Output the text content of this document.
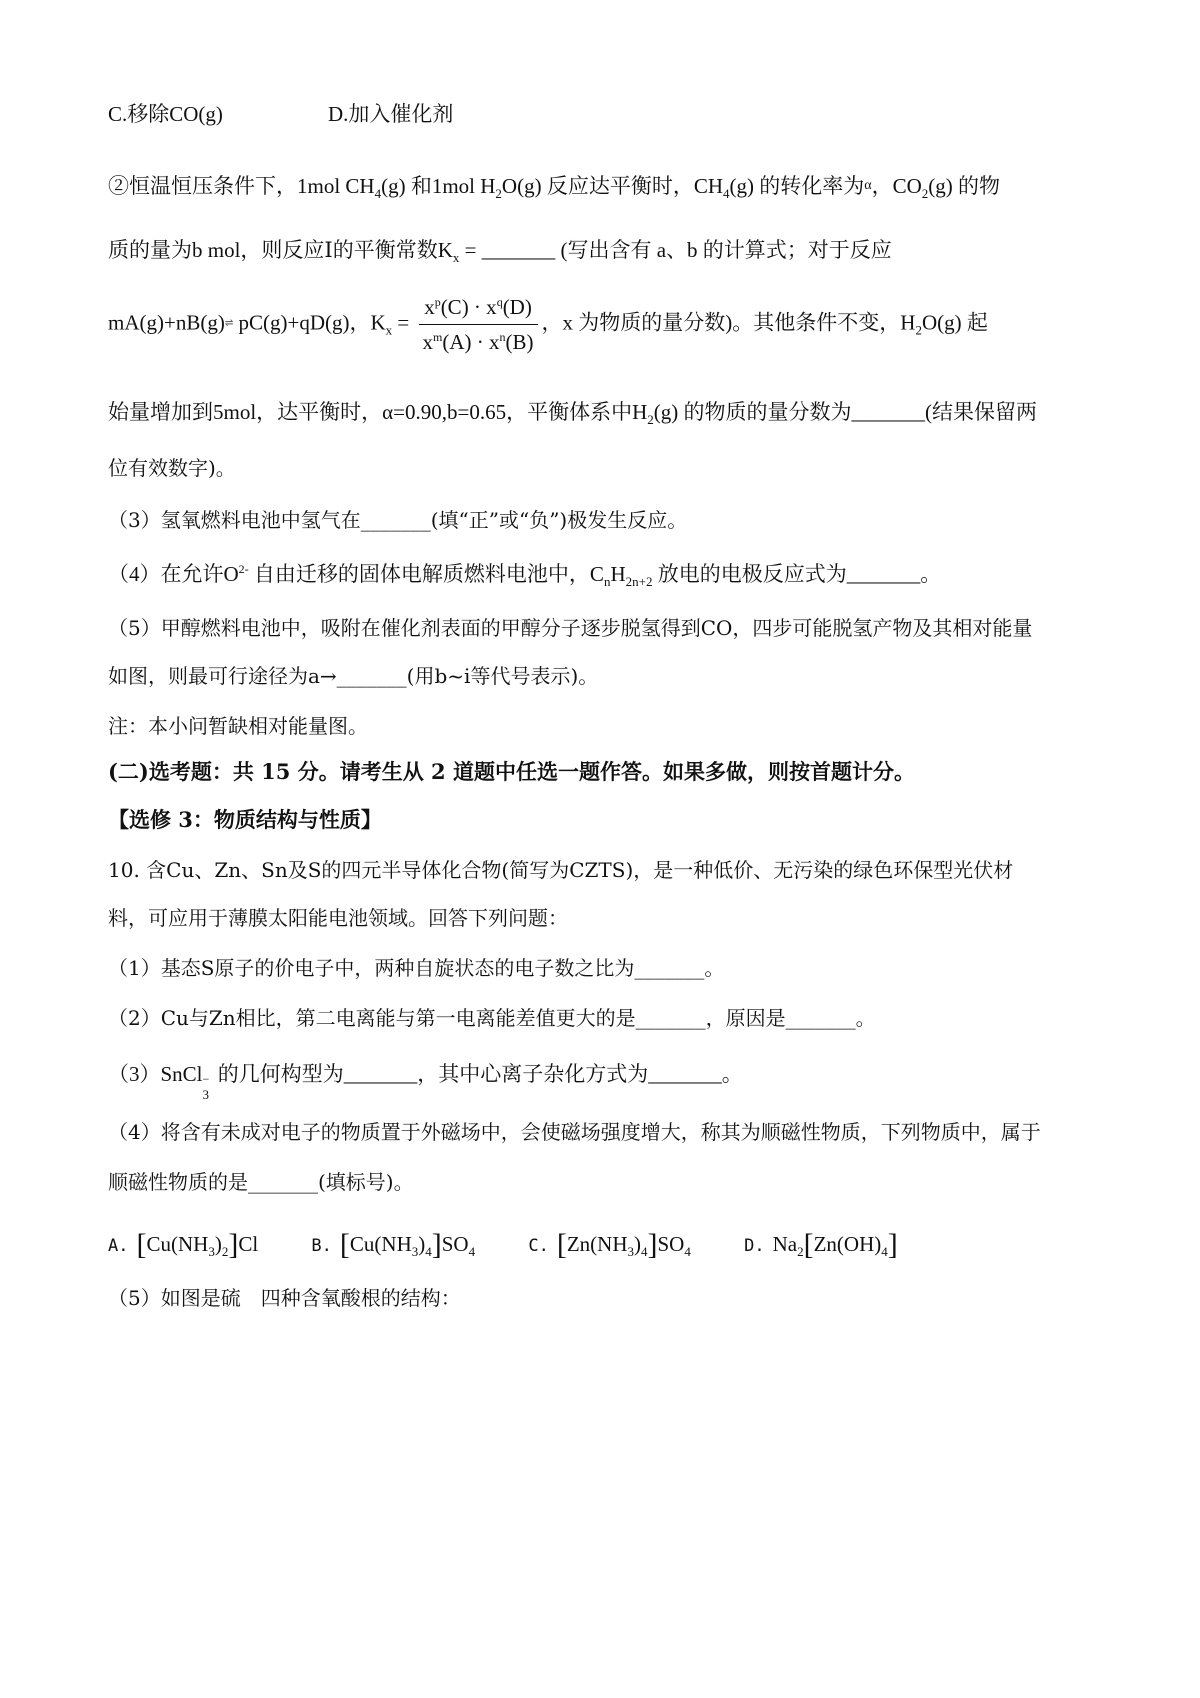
C.移除CO(g)	D.加入催化剂
②恒温恒压条件下，1mol $CH_4(g)$ 和1mol $H_2O(g)$ 反应达平衡时，$CH_4(g)$ 的转化率为α，$CO_2(g)$ 的物
质的量为b mol，则反应Ⅰ的平衡常数$K_x$ = _______ (写出含有 a、b 的计算式；对于反应
mA(g)+nB(g)⇌ pC(g)+qD(g)，$K_x = \frac{x^p(C) \cdot x^q(D)}{x^m(A) \cdot x^n(B)}$ ，x 为物质的量分数)。其他条件不变，$H_2O(g)$ 起
始量增加到5mol，达平衡时，α=0.90,b=0.65，平衡体系中$H_2(g)$ 的物质的量分数为_______(结果保留两
位有效数字)。
（3）氢氧燃料电池中氢气在_______(填“正”或“负”)极发生反应。
（4）在允许$O^{2-}$ 自由迁移的固体电解质燃料电池中，$C_nH_{2n+2}$ 放电的电极反应式为_______。
（5）甲醇燃料电池中，吸附在催化剂表面的甲醇分子逐步脱氢得到CO，四步可能脱氢产物及其相对能量
如图，则最可行途径为a→_______(用b~i等代号表示)。
注：本小问暂缺相对能量图。
(二)选考题：共 15 分。请考生从 2 道题中任选一题作答。如果多做，则按首题计分。
【选修 3：物质结构与性质】
10. 含Cu、Zn、Sn及S的四元半导体化合物(简写为CZTS)，是一种低价、无污染的绿色环保型光伏材
料，可应用于薄膜太阳能电池领域。回答下列问题：
（1）基态S原子的价电子中，两种自旋状态的电子数之比为_______。
（2）Cu与Zn相比，第二电离能与第一电离能差值更大的是_______，原因是_______。
（3）SnCl −
3
的几何构型为_______，其中心离子杂化方式为_______。
（4）将含有未成对电子的物质置于外磁场中，会使磁场强度增大，称其为顺磁性物质，下列物质中，属于
顺磁性物质的是_______(填标号)。
A. $[Cu(NH_3)_2]Cl$	B. $[Cu(NH_3)_4]SO_4$	C. $[Zn(NH_3)_4]SO_4$	D. $Na_2[Zn(OH)_4]$
（5）如图是硫　四种含氧酸根的结构：
